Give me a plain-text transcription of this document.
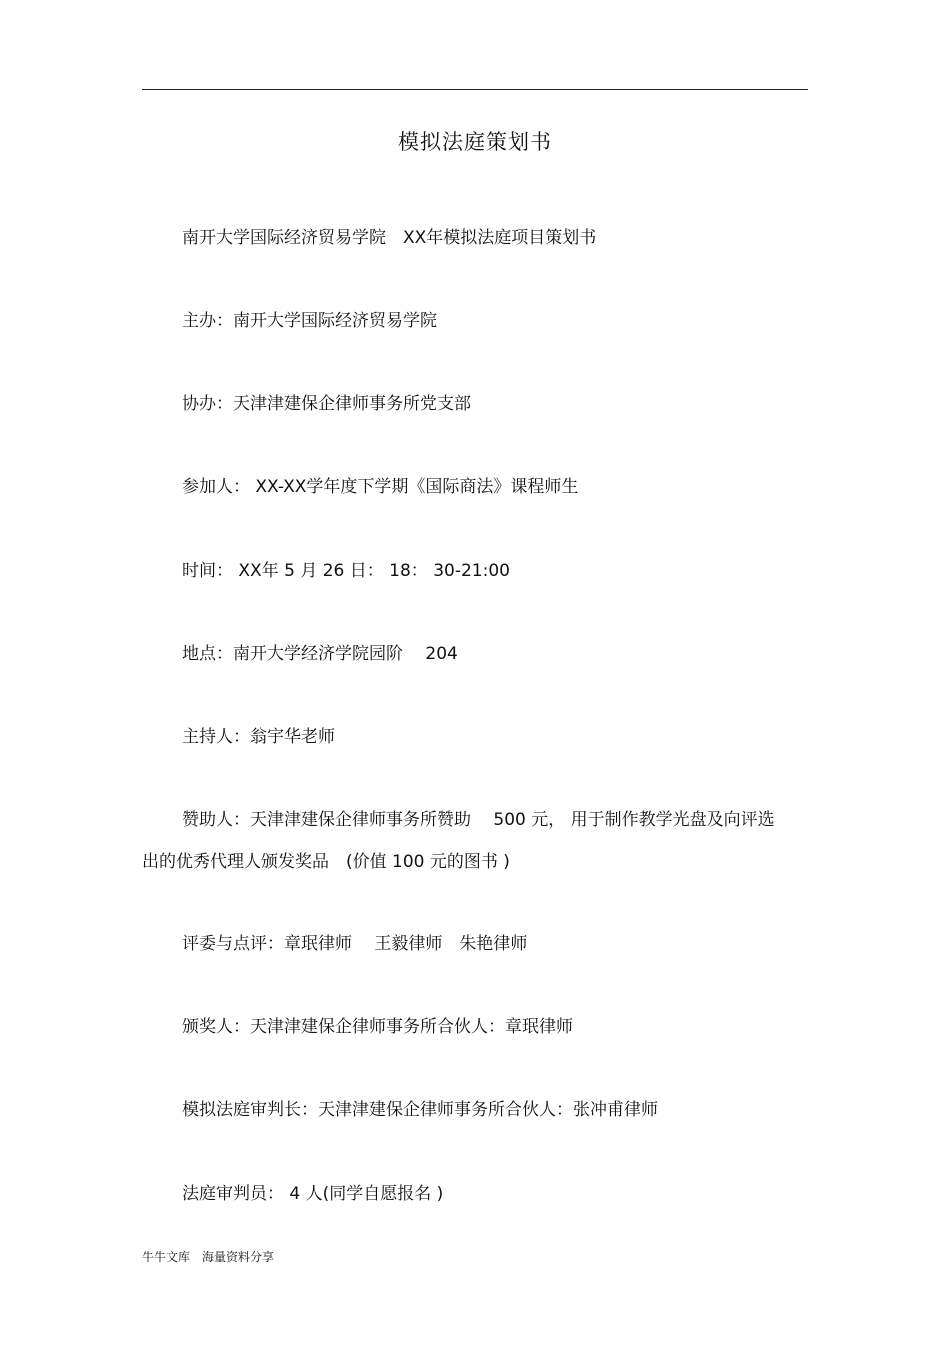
模拟法庭策划书
南开大学国际经济贸易学院　XX年模拟法庭项目策划书
主办：南开大学国际经济贸易学院
协办：天津津建保企律师事务所党支部
参加人： XX-XX学年度下学期《国际商法》课程师生
时间： XX年 5 月 26 日： 18： 30-21:00
地点：南开大学经济学院园阶　 204
主持人：翁宇华老师
赞助人：天津津建保企律师事务所赞助　 500 元， 用于制作教学光盘及向评选
出的优秀代理人颁发奖品　(价值 100 元的图书 )
评委与点评：章珉律师　 王毅律师　朱艳律师
颁奖人：天津津建保企律师事务所合伙人：章珉律师
模拟法庭审判长：天津津建保企律师事务所合伙人：张冲甫律师
法庭审判员： 4 人(同学自愿报名 )
牛牛文库 海量资料分享
